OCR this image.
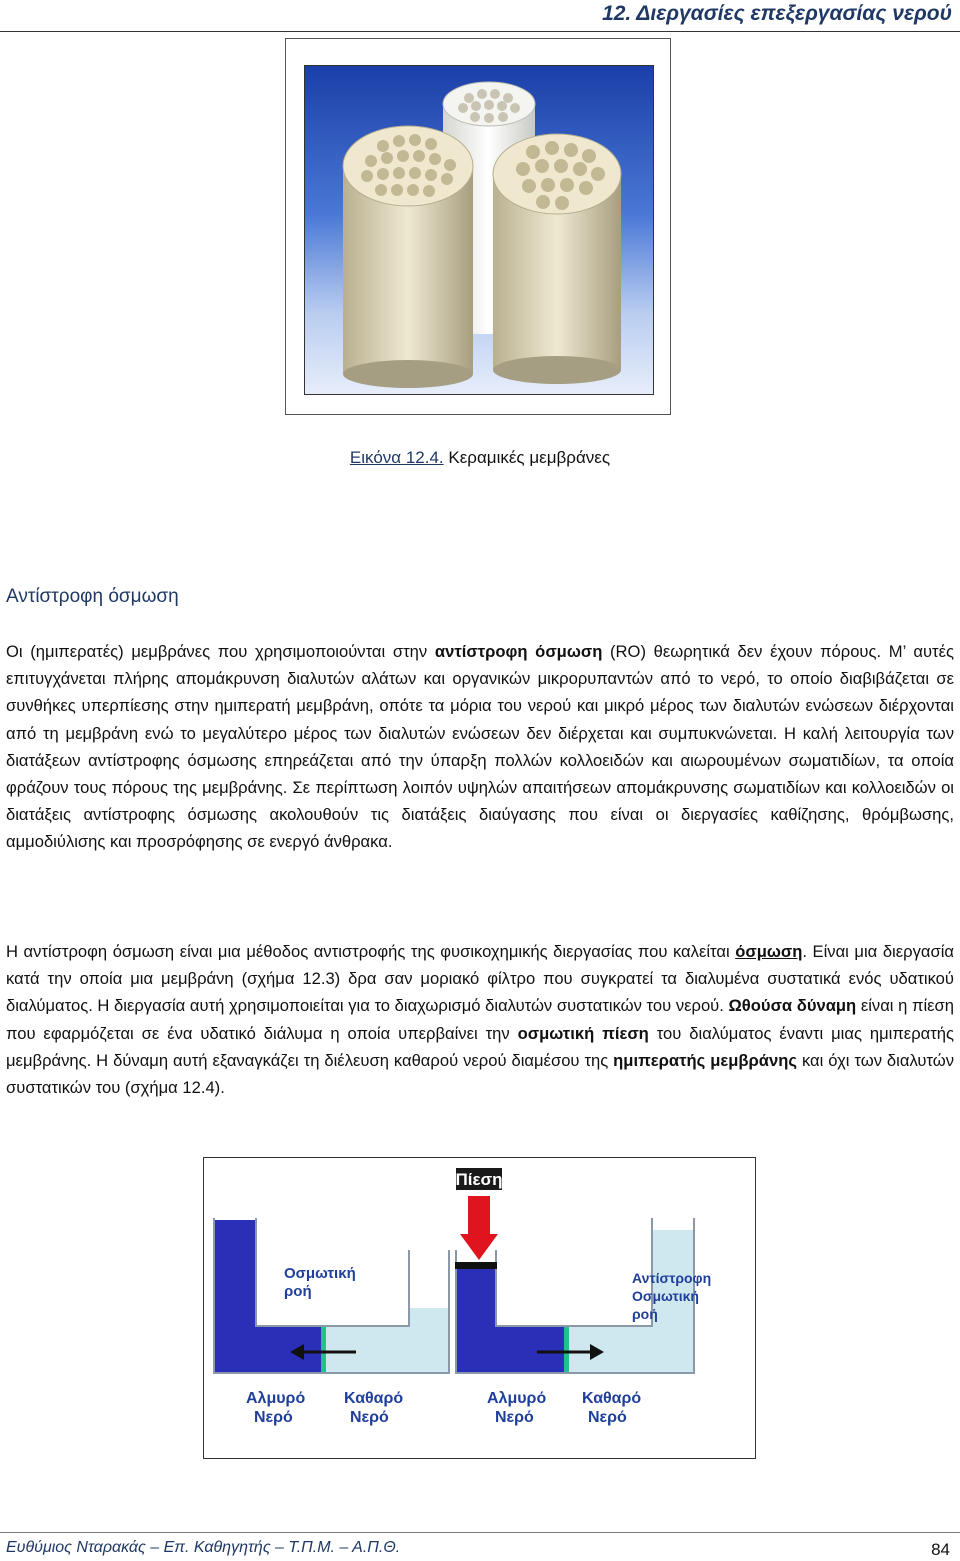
12. Διεργασίες επεξεργασίας νερού
Εικόνα 12.4. Κεραμικές μεμβράνες
Αντίστροφη όσμωση

Οι (ημιπερατές) μεμβράνες που χρησιμοποιούνται στην αντίστροφη όσμωση (RO) θεωρητικά δεν έχουν πόρους. Μ’ αυτές επιτυγχάνεται πλήρης απομάκρυνση διαλυτών αλάτων και οργανικών μικρορυπαντών από το νερό, το οποίο διαβιβάζεται σε συνθήκες υπερπίεσης στην ημιπερατή μεμβράνη, οπότε τα μόρια του νερού και μικρό μέρος των διαλυτών ενώσεων διέρχονται από τη μεμβράνη ενώ το μεγαλύτερο μέρος των διαλυτών ενώσεων δεν διέρχεται και συμπυκνώνεται. Η καλή λειτουργία των διατάξεων αντίστροφης όσμωσης επηρεάζεται από την ύπαρξη πολλών κολλοειδών και αιωρουμένων σωματιδίων, τα οποία φράζουν τους πόρους της μεμβράνης. Σε περίπτωση λοιπόν υψηλών απαιτήσεων απομάκρυνσης σωματιδίων και κολλοειδών οι διατάξεις αντίστροφης όσμωσης ακολουθούν τις διατάξεις διαύγασης που είναι οι διεργασίες καθίζησης, θρόμβωσης, αμμοδιύλισης και προσρόφησης σε ενεργό άνθρακα.

Η αντίστροφη όσμωση είναι μια μέθοδος αντιστροφής της φυσικοχημικής διεργασίας που καλείται όσμωση. Είναι μια διεργασία κατά την οποία μια μεμβράνη (σχήμα 12.3) δρα σαν μοριακό φίλτρο που συγκρατεί τα διαλυμένα συστατικά ενός υδατικού διαλύματος. Η διεργασία αυτή χρησιμοποιείται για το διαχωρισμό διαλυτών συστατικών του νερού. Ωθούσα δύναμη είναι η πίεση που εφαρμόζεται σε ένα υδατικό διάλυμα η οποία υπερβαίνει την οσμωτική πίεση του διαλύματος έναντι μιας ημιπερατής μεμβράνης. Η δύναμη αυτή εξαναγκάζει τη διέλευση καθαρού νερού διαμέσου της ημιπερατής μεμβράνης και όχι των διαλυτών συστατικών του (σχήμα 12.4).

Οσμωτική ροή
Αλμυρό Νερό
Καθαρό Νερό
Πίεση
Αντίστροφη Οσμωτική ροή
Αλμυρό Νερό
Καθαρό Νερό
Ευθύμιος Νταρακάς – Επ. Καθηγητής – Τ.Π.Μ. – Α.Π.Θ.	84
